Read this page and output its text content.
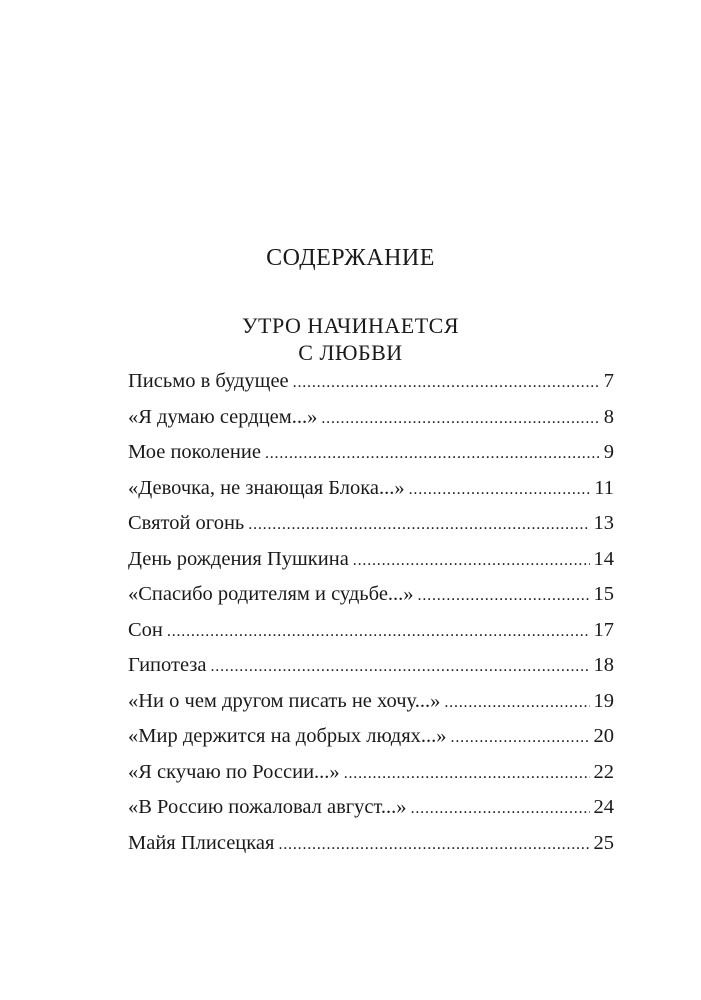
СОДЕРЖАНИЕ
УТРО НАЧИНАЕТСЯ
С ЛЮБВИ
Письмо в будущее . . .	7
«Я думаю сердцем...» . . .	8
Мое поколение . . .	9
«Девочка, не знающая Блока...» . . .	11
Святой огонь . . .	13
День рождения Пушкина . . .	14
«Спасибо родителям и судьбе...» . . .	15
Сон . . .	17
Гипотеза . . .	18
«Ни о чем другом писать не хочу...» . . .	19
«Мир держится на добрых людях...» . . .	20
«Я скучаю по России...» . . .	22
«В Россию пожаловал август...» . . .	24
Майя Плисецкая . . .	25
